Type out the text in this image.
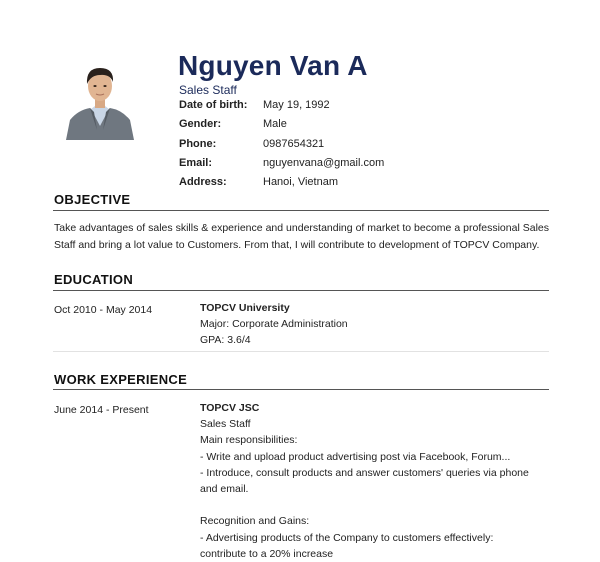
Nguyen Van A
Sales Staff
Date of birth: May 19, 1992
Gender:	Male
Phone:	0987654321
Email:	nguyenvana@gmail.com
Address:	Hanoi, Vietnam
OBJECTIVE
Take advantages of sales skills & experience and understanding of market to become a professional Sales Staff and bring a lot value to Customers. From that, I will contribute to development of TOPCV Company.
EDUCATION
Oct 2010 - May 2014	TOPCV University
Major: Corporate Administration
GPA: 3.6/4
WORK EXPERIENCE
June 2014 - Present	TOPCV JSC
Sales Staff
Main responsibilities:
- Write and upload product advertising post via Facebook, Forum...
- Introduce, consult products and answer customers' queries via phone
and email.
Recognition and Gains:
- Advertising products of the Company to customers effectively:
contribute to a 20% increase
